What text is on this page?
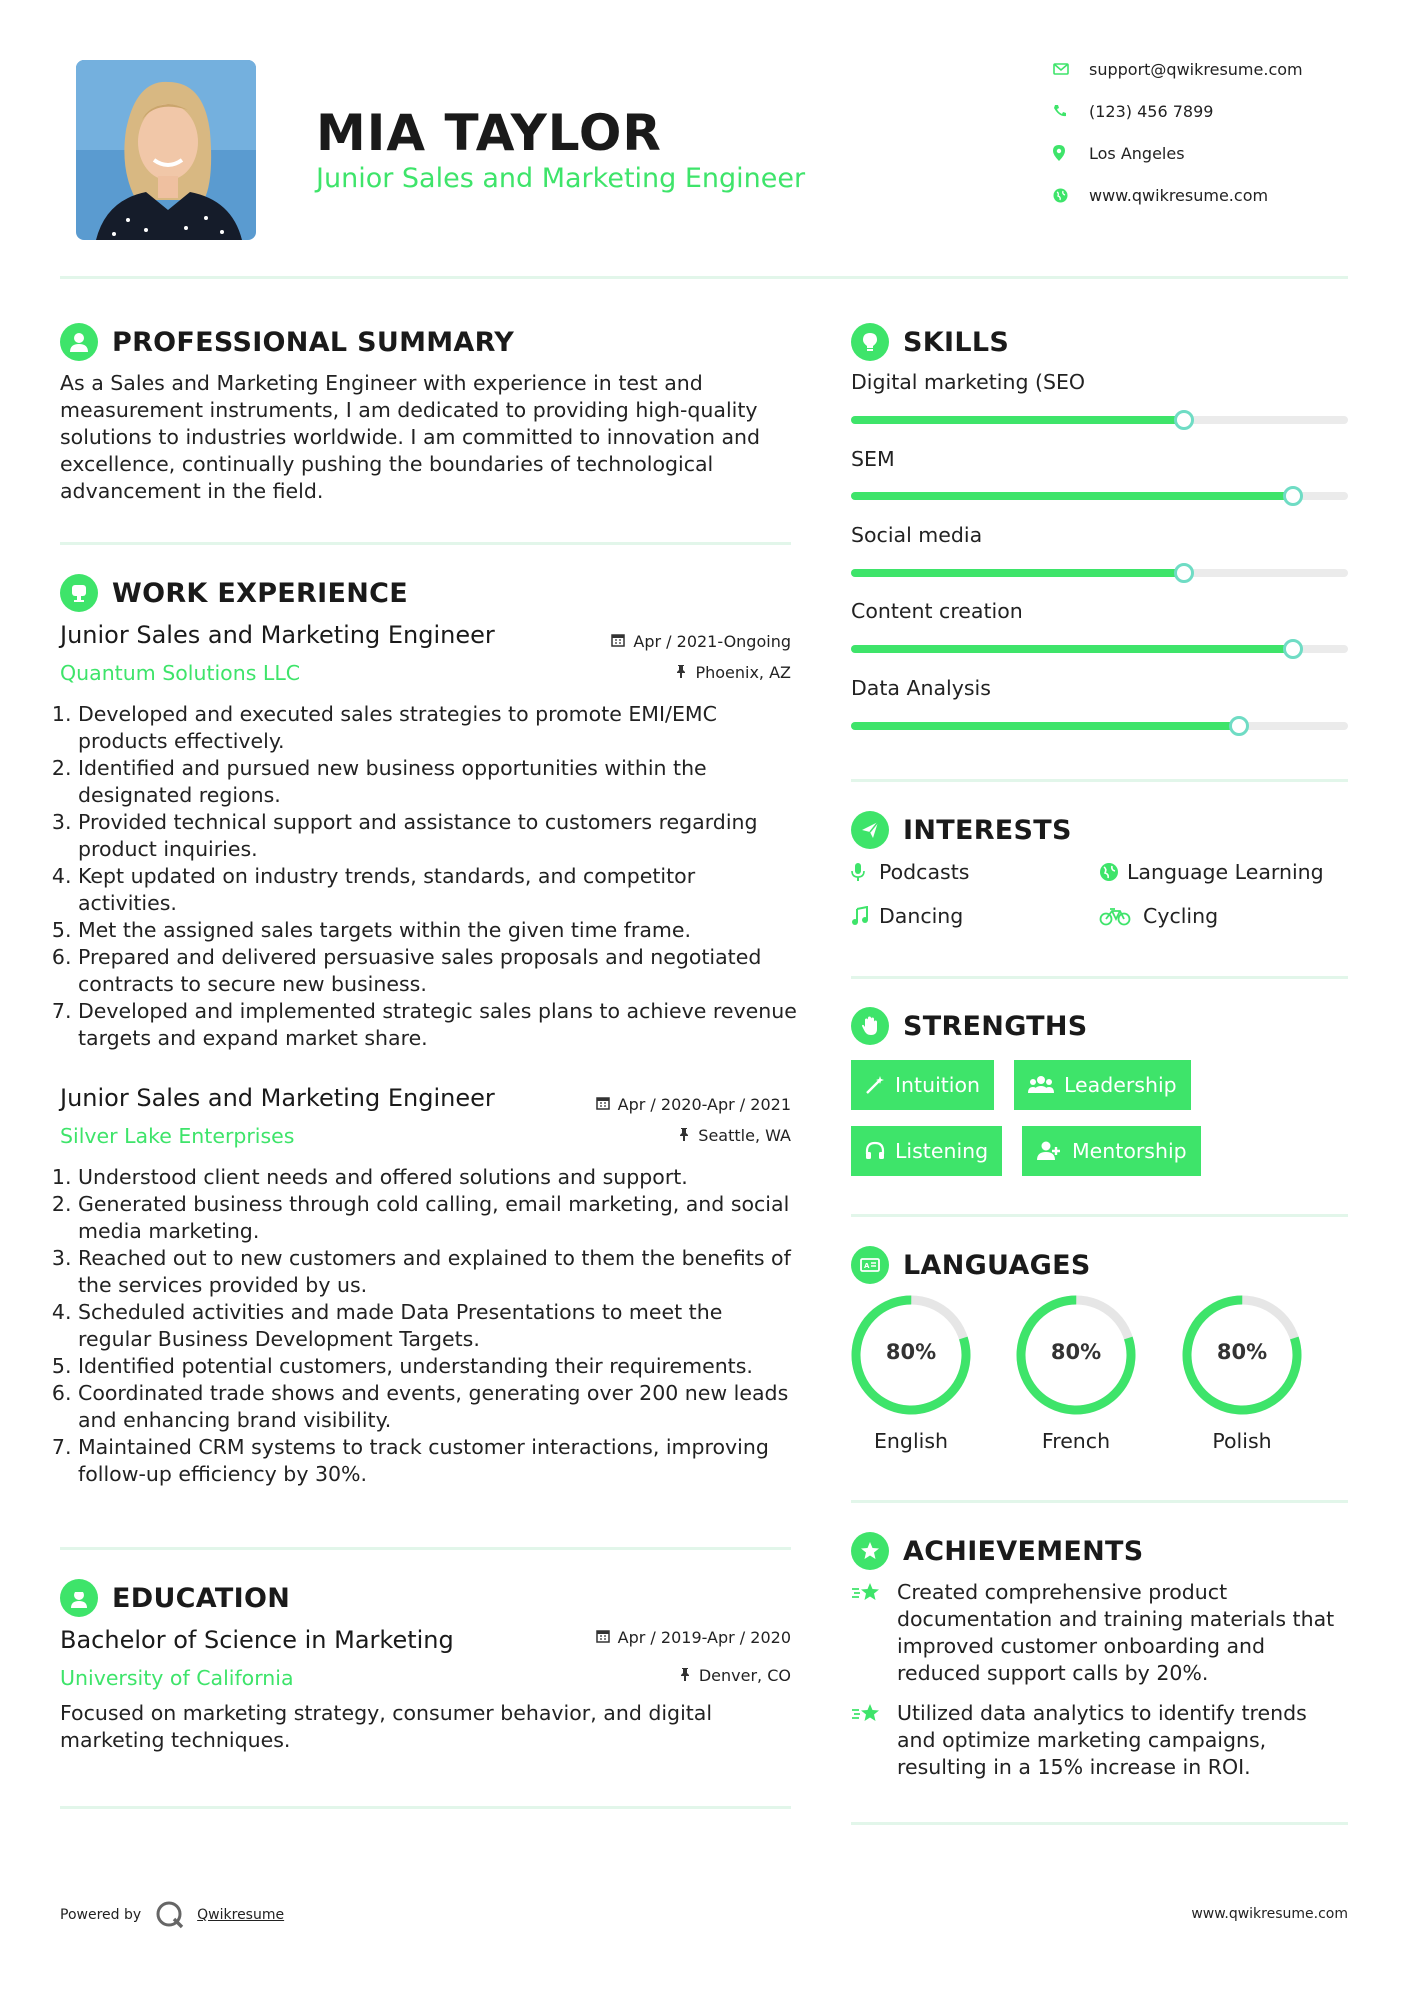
MIA TAYLOR
Junior Sales and Marketing Engineer
support@qwikresume.com
(123) 456 7899
Los Angeles
www.qwikresume.com
PROFESSIONAL SUMMARY
As a Sales and Marketing Engineer with experience in test and measurement instruments, I am dedicated to providing high-quality solutions to industries worldwide. I am committed to innovation and excellence, continually pushing the boundaries of technological advancement in the field.
WORK EXPERIENCE
Junior Sales and Marketing Engineer
Quantum Solutions LLC
Apr / 2021-Ongoing
Phoenix, AZ
1. Developed and executed sales strategies to promote EMI/EMC products effectively.
2. Identified and pursued new business opportunities within the designated regions.
3. Provided technical support and assistance to customers regarding product inquiries.
4. Kept updated on industry trends, standards, and competitor activities.
5. Met the assigned sales targets within the given time frame.
6. Prepared and delivered persuasive sales proposals and negotiated contracts to secure new business.
7. Developed and implemented strategic sales plans to achieve revenue targets and expand market share.
Junior Sales and Marketing Engineer
Silver Lake Enterprises
Apr / 2020-Apr / 2021
Seattle, WA
1. Understood client needs and offered solutions and support.
2. Generated business through cold calling, email marketing, and social media marketing.
3. Reached out to new customers and explained to them the benefits of the services provided by us.
4. Scheduled activities and made Data Presentations to meet the regular Business Development Targets.
5. Identified potential customers, understanding their requirements.
6. Coordinated trade shows and events, generating over 200 new leads and enhancing brand visibility.
7. Maintained CRM systems to track customer interactions, improving follow-up efficiency by 30%.
EDUCATION
Bachelor of Science in Marketing
University of California
Apr / 2019-Apr / 2020
Denver, CO
Focused on marketing strategy, consumer behavior, and digital marketing techniques.
SKILLS
Digital marketing (SEO
SEM
Social media
Content creation
Data Analysis
INTERESTS
Podcasts	Language Learning
Dancing	Cycling
STRENGTHS
Intuition	Leadership
Listening	Mentorship
A LANGUAGES
80%
English
80%
French
80%
Polish
ACHIEVEMENTS
Created comprehensive product documentation and training materials that improved customer onboarding and reduced support calls by 20%.
Utilized data analytics to identify trends and optimize marketing campaigns, resulting in a 15% increase in ROI.
Powered by	Qwikresume	www.qwikresume.com
